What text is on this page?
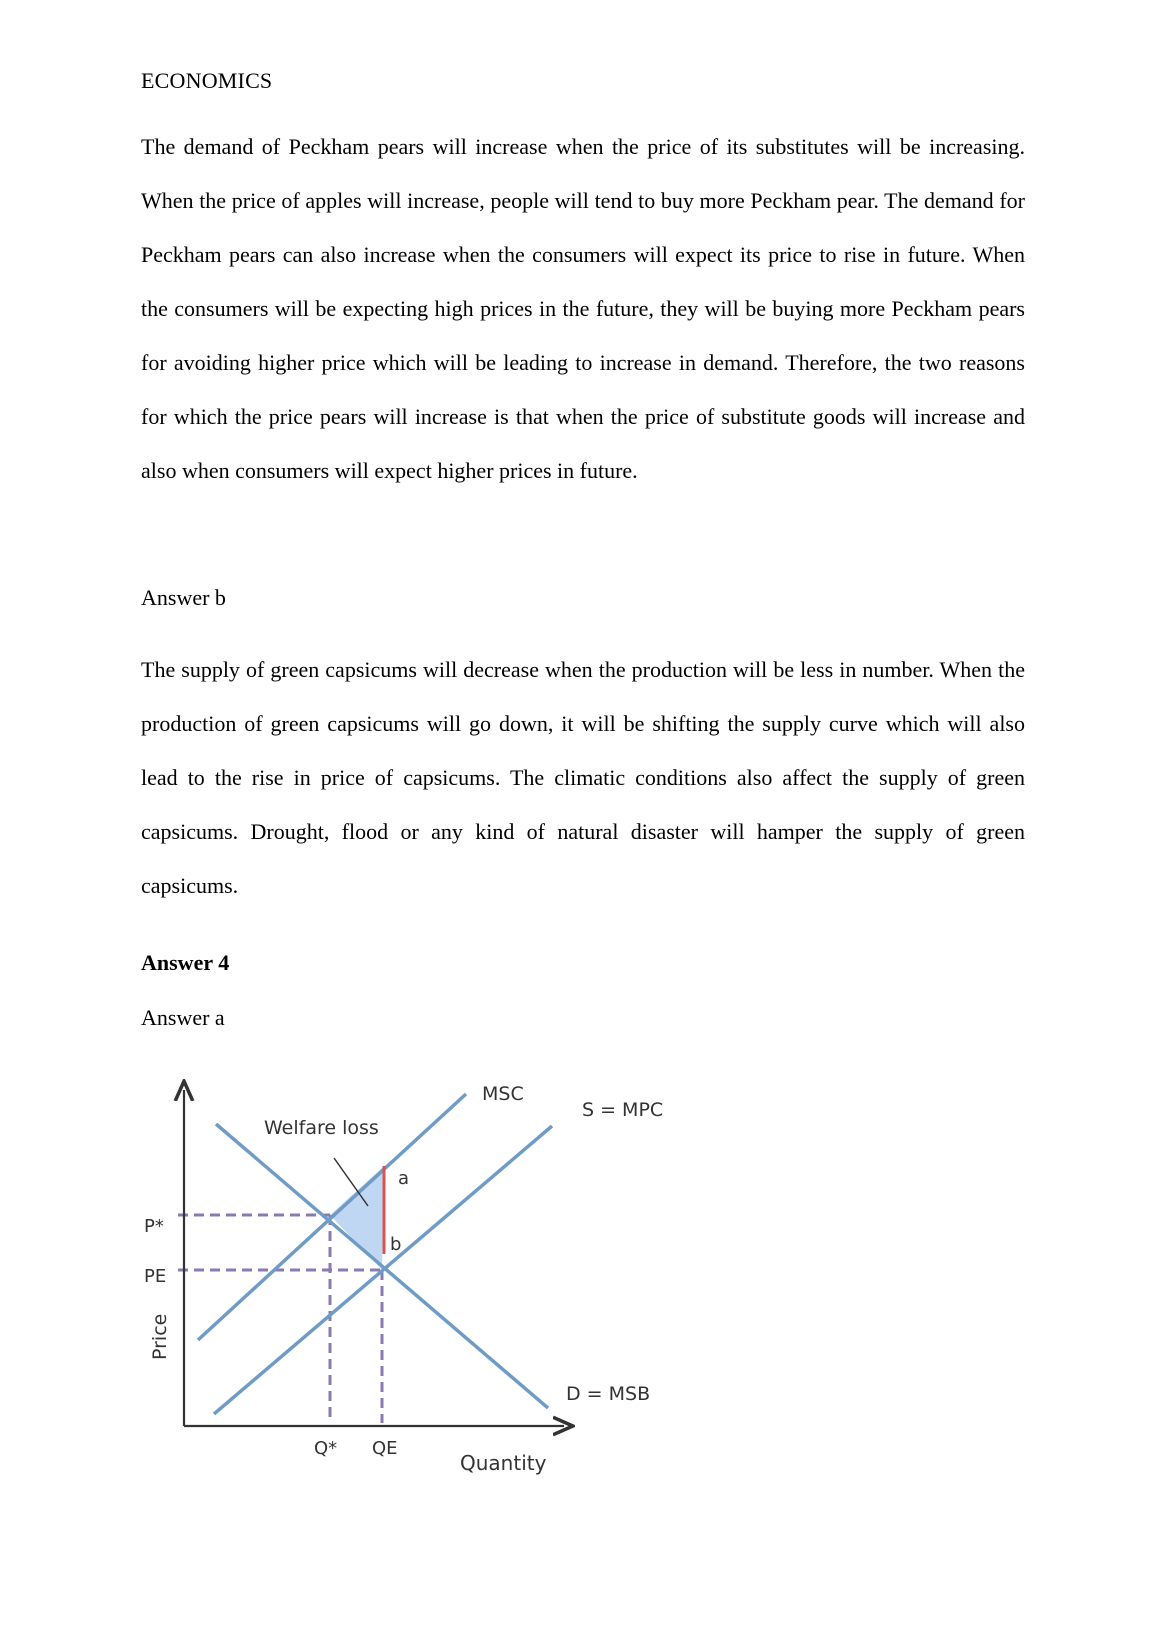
ECONOMICS

The demand of Peckham pears will increase when the price of its substitutes will be increasing. When the price of apples will increase, people will tend to buy more Peckham pear. The demand for Peckham pears can also increase when the consumers will expect its price to rise in future. When the consumers will be expecting high prices in the future, they will be buying more Peckham pears for avoiding higher price which will be leading to increase in demand. Therefore, the two reasons for which the price pears will increase is that when the price of substitute goods will increase and also when consumers will expect higher prices in future.

Answer b

The supply of green capsicums will decrease when the production will be less in number. When the production of green capsicums will go down, it will be shifting the supply curve which will also lead to the rise in price of capsicums. The climatic conditions also affect the supply of green capsicums. Drought, flood or any kind of natural disaster will hamper the supply of green capsicums.

Answer 4

Answer a

MSC
S = MPC
D = MSB
Welfare loss
a
b
P*
PE
Q* QE
Quantity
Price
